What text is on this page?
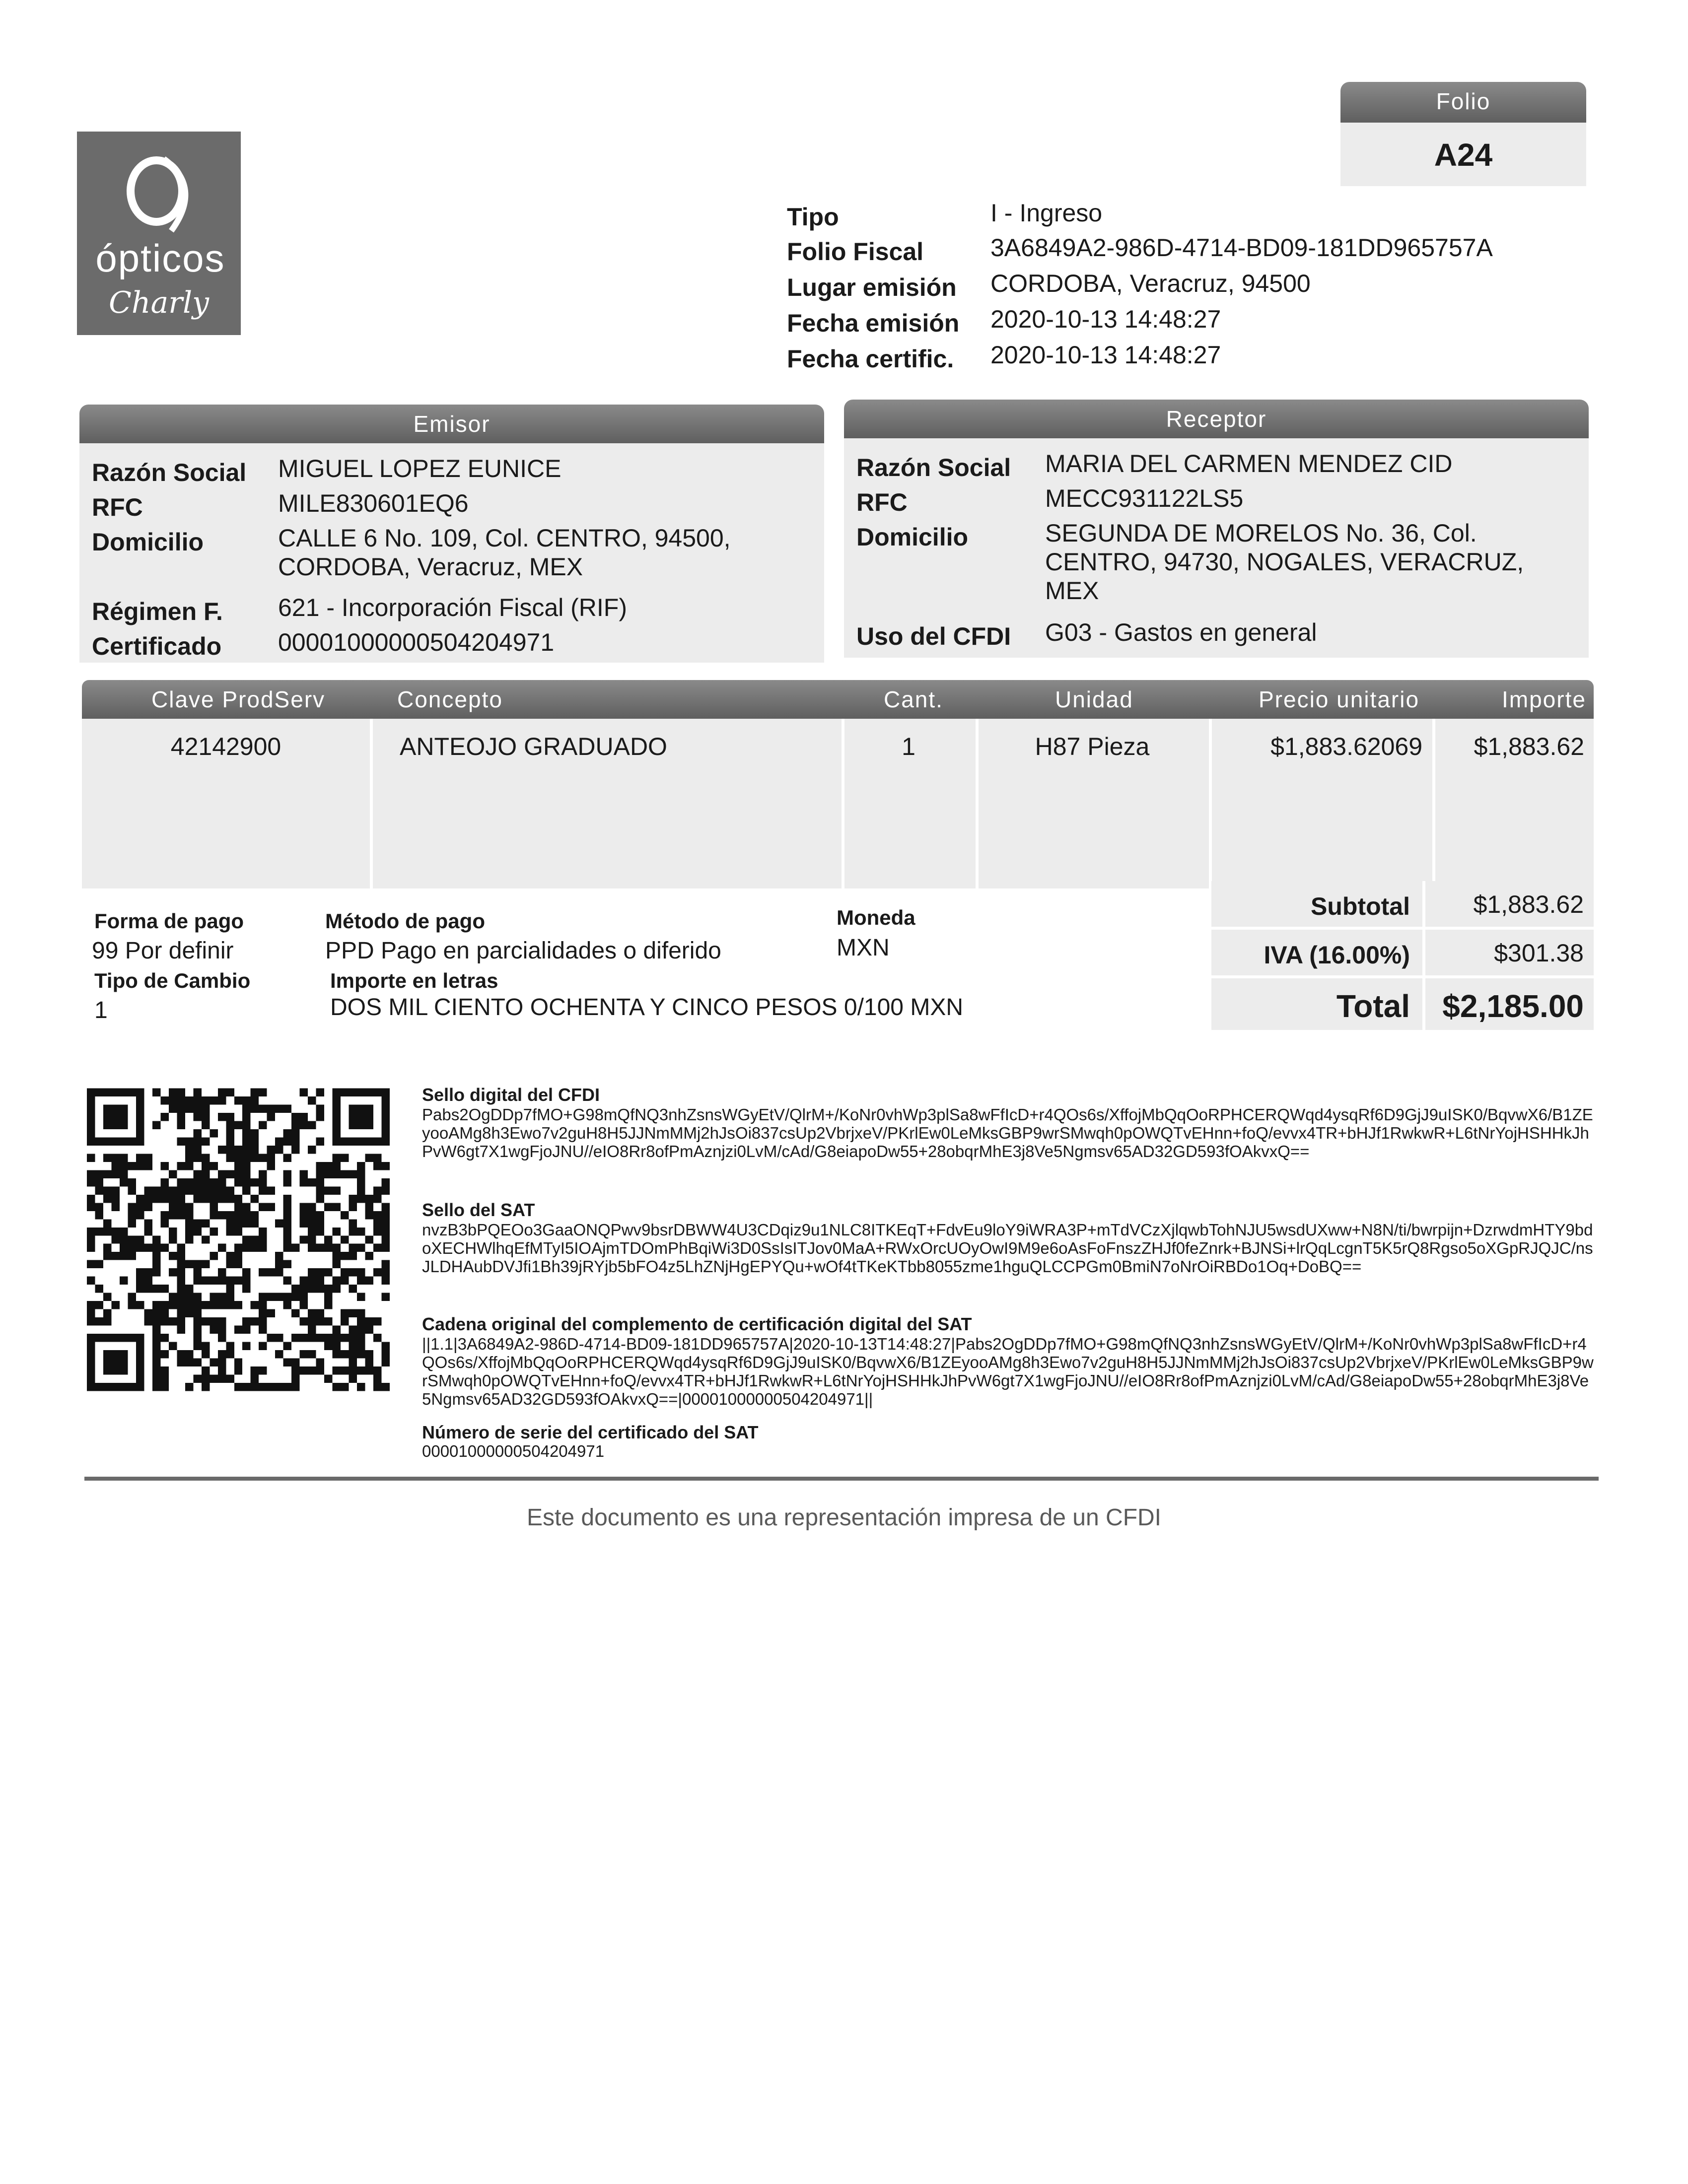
ópticos
Charly
Folio
A24
Tipo	I - Ingreso
Folio Fiscal	3A6849A2-986D-4714-BD09-181DD965757A
Lugar emisión CORDOBA, Veracruz, 94500
Fecha emisión 2020-10-13 14:48:27
Fecha certific. 2020-10-13 14:48:27
Emisor
Razón Social MIGUEL LOPEZ EUNICE
RFC	MILE830601EQ6
Domicilio	CALLE 6 No. 109, Col. CENTRO, 94500, CORDOBA, Veracruz, MEX
Régimen F. 621 - Incorporación Fiscal (RIF)
Certificado 00001000000504204971
Receptor
Razón Social MARIA DEL CARMEN MENDEZ CID
RFC	MECC931122LS5
Domicilio	SEGUNDA DE MORELOS No. 36, Col. CENTRO, 94730, NOGALES, VERACRUZ, MEX
Uso del CFDI G03 - Gastos en general
Clave ProdServ	Concepto	Cant.	Unidad	Precio unitario	Importe
42142900	ANTEOJO GRADUADO	1	H87 Pieza	$1,883.62069	$1,883.62
Forma de pago
99 Por definir
Método de pago
PPD Pago en parcialidades o diferido
Moneda
MXN
Tipo de Cambio
1
Importe en letras
DOS MIL CIENTO OCHENTA Y CINCO PESOS 0/100 MXN
Subtotal	$1,883.62
IVA (16.00%)	$301.38
Total	$2,185.00
Sello digital del CFDI
Pabs2OgDDp7fMO+G98mQfNQ3nhZsnsWGyEtV/QlrM+/KoNr0vhWp3plSa8wFfIcD+r4QOs6s/XffojMbQqOoRPHCERQWqd4ysqRf6D9GjJ9uISK0/BqvwX6/B1ZEyooAMg8h3Ewo7v2guH8H5JJNmMMj2hJsOi837csUp2VbrjxeV/PKrlEw0LeMksGBP9wrSMwqh0pOWQTvEHnn+foQ/evvx4TR+bHJf1RwkwR+L6tNrYojHSHHkJhPvW6gt7X1wgFjoJNU//eIO8Rr8ofPmAznjzi0LvM/cAd/G8eiapoDw55+28obqrMhE3j8Ve5Ngmsv65AD32GD593fOAkvxQ==
Sello del SAT
nvzB3bPQEOo3GaaONQPwv9bsrDBWW4U3CDqiz9u1NLC8ITKEqT+FdvEu9loY9iWRA3P+mTdVCzXjlqwbTohNJU5wsdUXww+N8N/ti/bwrpijn+DzrwdmHTY9bdoXECHWlhqEfMTyI5IOAjmTDOmPhBqiWi3D0SsIsITJov0MaA+RWxOrcUOyOwI9M9e6oAsFoFnszZHJf0feZnrk+BJNSi+lrQqLcgnT5K5rQ8Rgso5oXGpRJQJC/nsJLDHAubDVJfi1Bh39jRYjb5bFO4z5LhZNjHgEPYQu+wOf4tTKeKTbb8055zme1hguQLCCPGm0BmiN7oNrOiRBDo1Oq+DoBQ==
Cadena original del complemento de certificación digital del SAT
||1.1|3A6849A2-986D-4714-BD09-181DD965757A|2020-10-13T14:48:27|Pabs2OgDDp7fMO+G98mQfNQ3nhZsnsWGyEtV/QlrM+/KoNr0vhWp3plSa8wFfIcD+r4QOs6s/XffojMbQqOoRPHCERQWqd4ysqRf6D9GjJ9uISK0/BqvwX6/B1ZEyooAMg8h3Ewo7v2guH8H5JJNmMMj2hJsOi837csUp2VbrjxeV/PKrlEw0LeMksGBP9wrSMwqh0pOWQTvEHnn+foQ/evvx4TR+bHJf1RwkwR+L6tNrYojHSHHkJhPvW6gt7X1wgFjoJNU//eIO8Rr8ofPmAznjzi0LvM/cAd/G8eiapoDw55+28obqrMhE3j8Ve5Ngmsv65AD32GD593fOAkvxQ==|00001000000504204971||
Número de serie del certificado del SAT
00001000000504204971
Este documento es una representación impresa de un CFDI
